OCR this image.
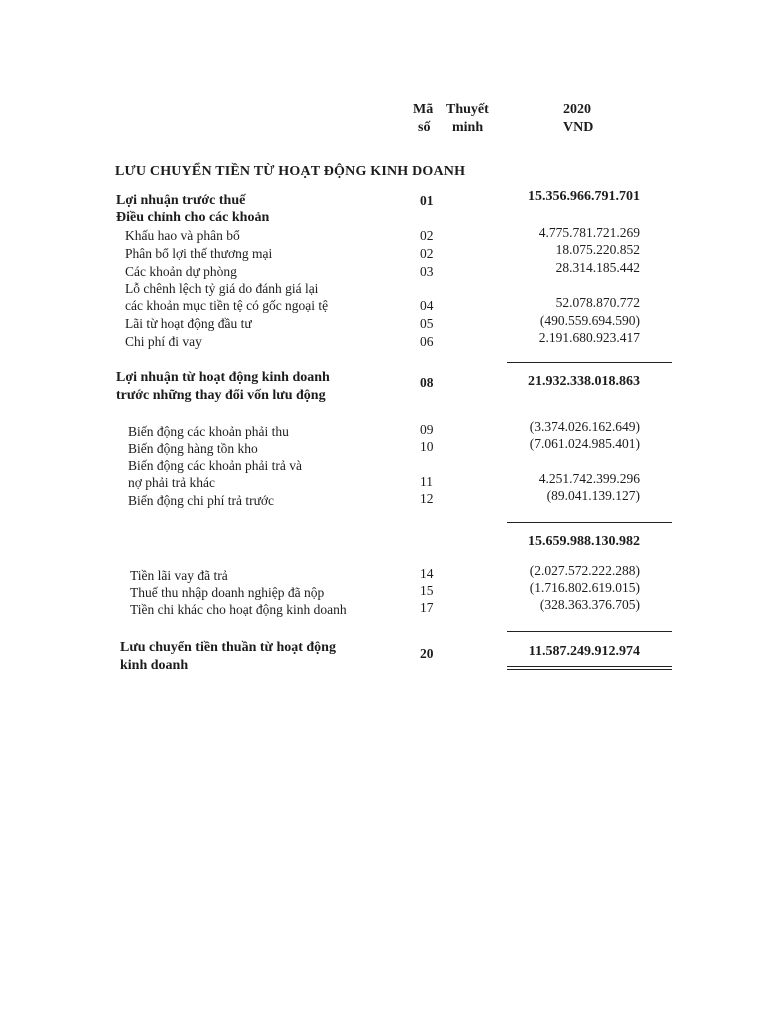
Mã
số
Thuyết
minh
2020
VND
LƯU CHUYỂN TIỀN TỪ HOẠT ĐỘNG KINH DOANH
Lợi nhuận trước thuế	01	15.356.966.791.701
Điều chỉnh cho các khoản
Khấu hao và phân bổ	02	4.775.781.721.269
Phân bổ lợi thế thương mại	02	18.075.220.852
Các khoản dự phòng	03	28.314.185.442
Lỗ chênh lệch tỷ giá do đánh giá lại
các khoản mục tiền tệ có gốc ngoại tệ	04	52.078.870.772
Lãi từ hoạt động đầu tư	05	(490.559.694.590)
Chi phí đi vay	06	2.191.680.923.417
Lợi nhuận từ hoạt động kinh doanh
trước những thay đổi vốn lưu động
08	21.932.338.018.863
Biến động các khoản phải thu	09	(3.374.026.162.649)
Biến động hàng tồn kho	10	(7.061.024.985.401)
Biến động các khoản phải trả và
nợ phải trả khác	11	4.251.742.399.296
Biến động chi phí trả trước	12	(89.041.139.127)
15.659.988.130.982
Tiền lãi vay đã trả	14	(2.027.572.222.288)
Thuế thu nhập doanh nghiệp đã nộp	15	(1.716.802.619.015)
Tiền chi khác cho hoạt động kinh doanh	17	(328.363.376.705)
Lưu chuyển tiền thuần từ hoạt động
kinh doanh
20	11.587.249.912.974
